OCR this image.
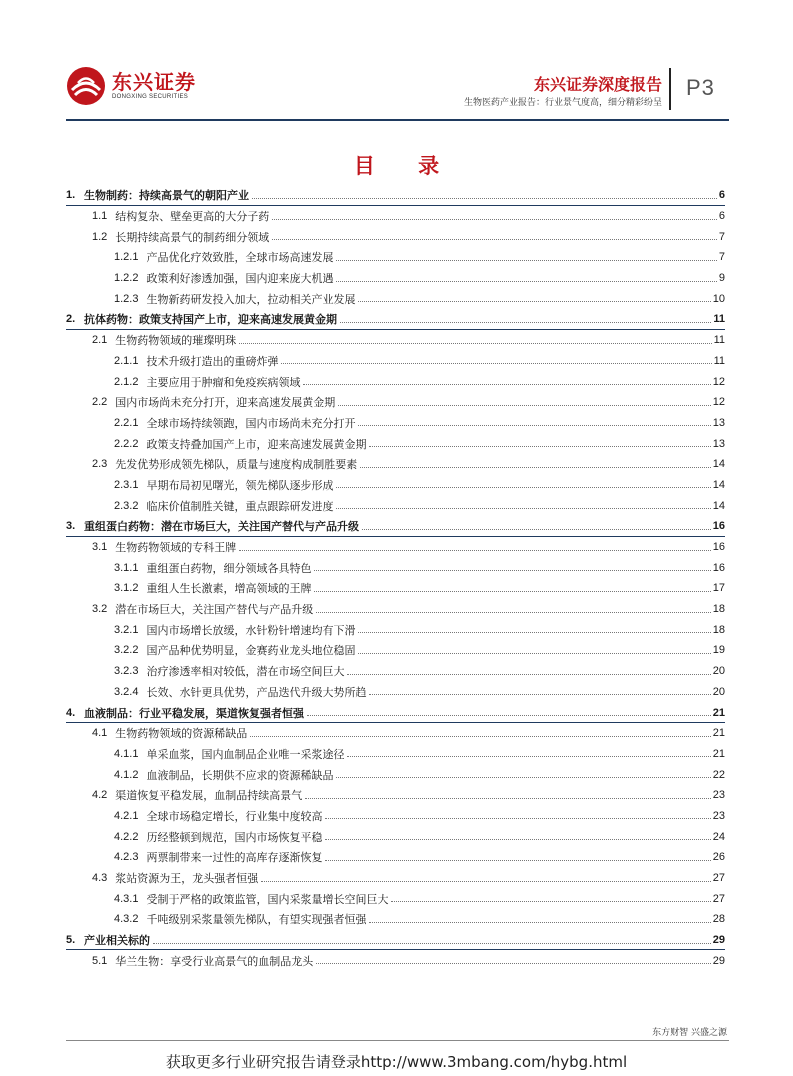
东兴证券
DONGXING SECURITIES
东兴证券深度报告
生物医药产业报告：行业景气度高，细分精彩纷呈
P3
目 录
1. 生物制药：持续高景气的朝阳产业	6
1.1 结构复杂、壁垒更高的大分子药	6
1.2 长期持续高景气的制药细分领域	7
1.2.1 产品优化疗效致胜，全球市场高速发展	7
1.2.2 政策利好渗透加强，国内迎来庞大机遇	9
1.2.3 生物新药研发投入加大，拉动相关产业发展	10
2. 抗体药物：政策支持国产上市，迎来高速发展黄金期	11
2.1 生物药物领域的璀璨明珠	11
2.1.1 技术升级打造出的重磅炸弹	11
2.1.2 主要应用于肿瘤和免疫疾病领域	12
2.2 国内市场尚未充分打开，迎来高速发展黄金期	12
2.2.1 全球市场持续领跑，国内市场尚未充分打开	13
2.2.2 政策支持叠加国产上市，迎来高速发展黄金期	13
2.3 先发优势形成领先梯队，质量与速度构成制胜要素	14
2.3.1 早期布局初见曙光，领先梯队逐步形成	14
2.3.2 临床价值制胜关键，重点跟踪研发进度	14
3. 重组蛋白药物：潜在市场巨大，关注国产替代与产品升级	16
3.1 生物药物领域的专科王牌	16
3.1.1 重组蛋白药物，细分领域各具特色	16
3.1.2 重组人生长激素，增高领域的王牌	17
3.2 潜在市场巨大，关注国产替代与产品升级	18
3.2.1 国内市场增长放缓，水针粉针增速均有下滑	18
3.2.2 国产品种优势明显，金赛药业龙头地位稳固	19
3.2.3 治疗渗透率相对较低，潜在市场空间巨大	20
3.2.4 长效、水针更具优势，产品迭代升级大势所趋	20
4. 血液制品：行业平稳发展，渠道恢复强者恒强	21
4.1 生物药物领域的资源稀缺品	21
4.1.1 单采血浆，国内血制品企业唯一采浆途径	21
4.1.2 血液制品，长期供不应求的资源稀缺品	22
4.2 渠道恢复平稳发展，血制品持续高景气	23
4.2.1 全球市场稳定增长，行业集中度较高	23
4.2.2 历经整顿到规范，国内市场恢复平稳	24
4.2.3 两票制带来一过性的高库存逐渐恢复	26
4.3 浆站资源为王，龙头强者恒强	27
4.3.1 受制于严格的政策监管，国内采浆量增长空间巨大	27
4.3.2 千吨级别采浆量领先梯队，有望实现强者恒强	28
5. 产业相关标的	29
5.1 华兰生物：享受行业高景气的血制品龙头	29
东方财智 兴盛之源
获取更多行业研究报告请登录http://www.3mbang.com/hybg.html
